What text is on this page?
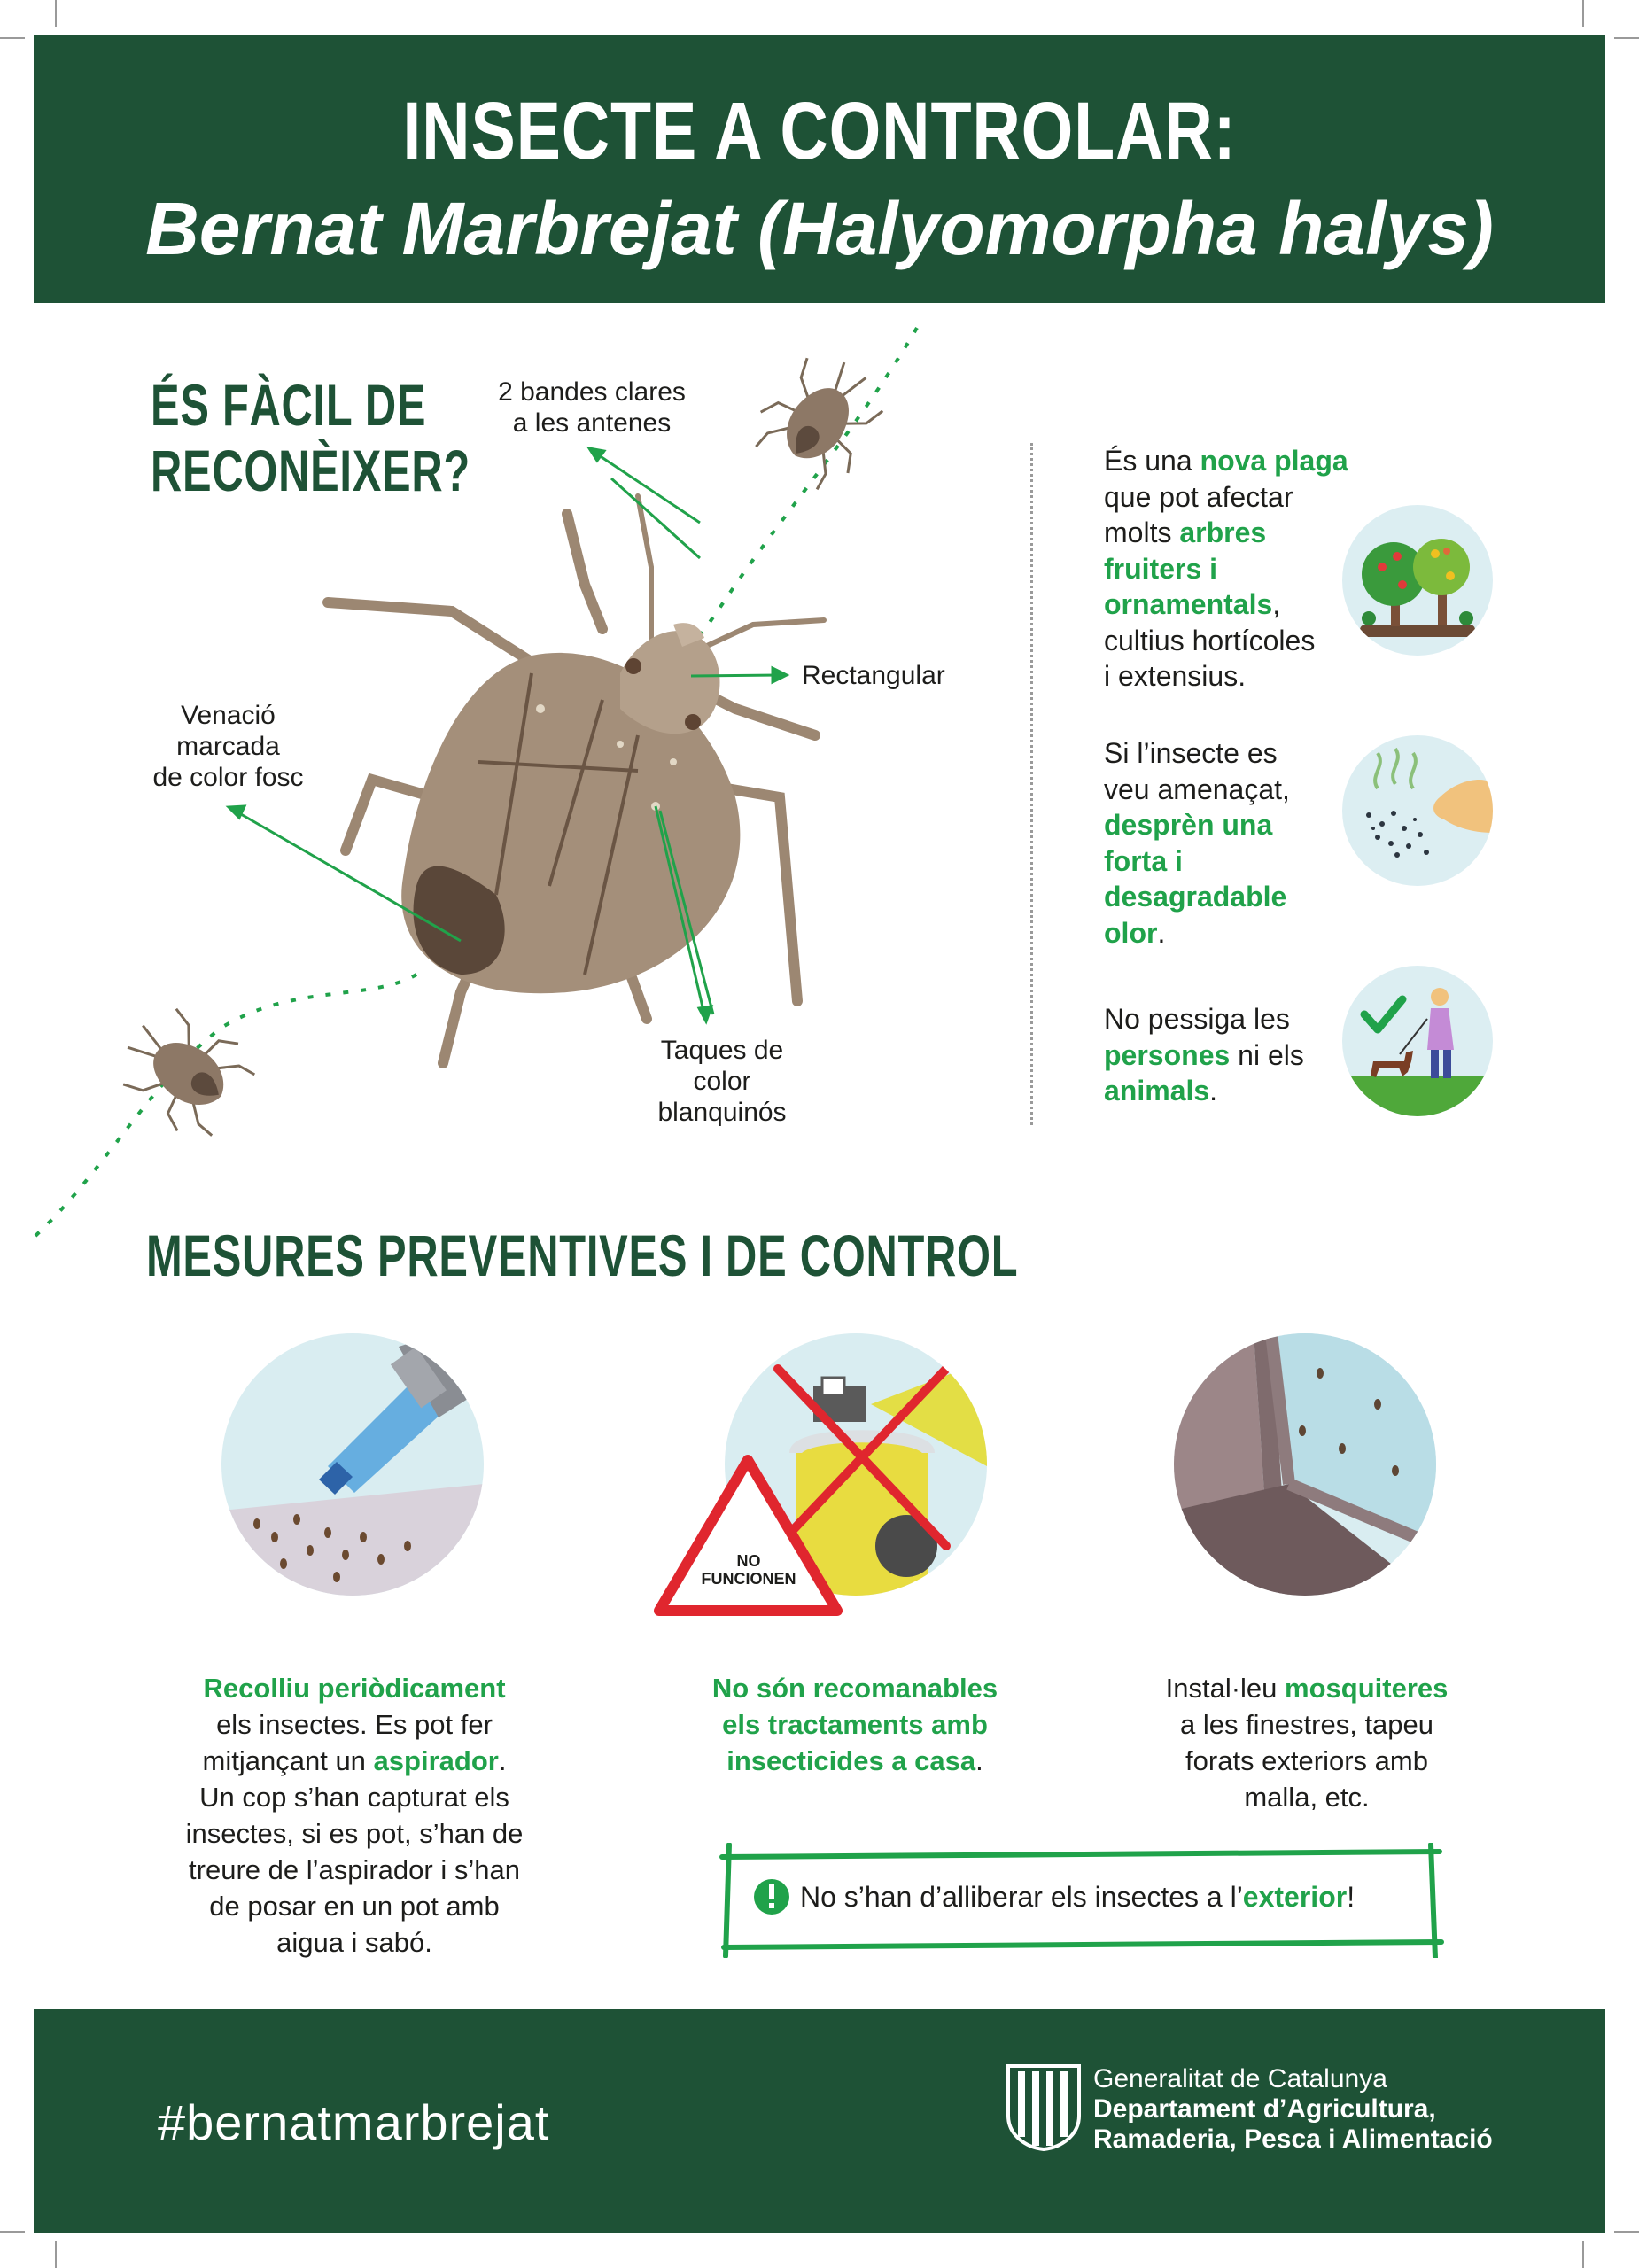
INSECTE A CONTROLAR:
Bernat Marbrejat (Halyomorpha halys)
ÉS FÀCIL DE
RECONÈIXER?
2 bandes clares
a les antenes
Rectangular
Venació
marcada
de color fosc
Taques de
color
blanquinós
És una nova plaga
que pot afectar
molts arbres
fruiters i
ornamentals,
cultius hortícoles
i extensius.
Si l’insecte es
veu amenaçat,
desprèn una
forta i
desagradable
olor.
No pessiga les
persones ni els
animals.
MESURES PREVENTIVES I DE CONTROL
NO FUNCIONEN
Recolliu periòdicament
els insectes. Es pot fer
mitjançant un aspirador.
Un cop s’han capturat els
insectes, si es pot, s’han de
treure de l’aspirador i s’han
de posar en un pot amb
aigua i sabó.
No són recomanables
els tractaments amb
insecticides a casa.
Instal·leu mosquiteres
a les finestres, tapeu
forats exteriors amb
malla, etc.
No s’han d’alliberar els insectes a l’exterior!
#bernatmarbrejat
Generalitat de Catalunya
Departament d’Agricultura,
Ramaderia, Pesca i Alimentació
